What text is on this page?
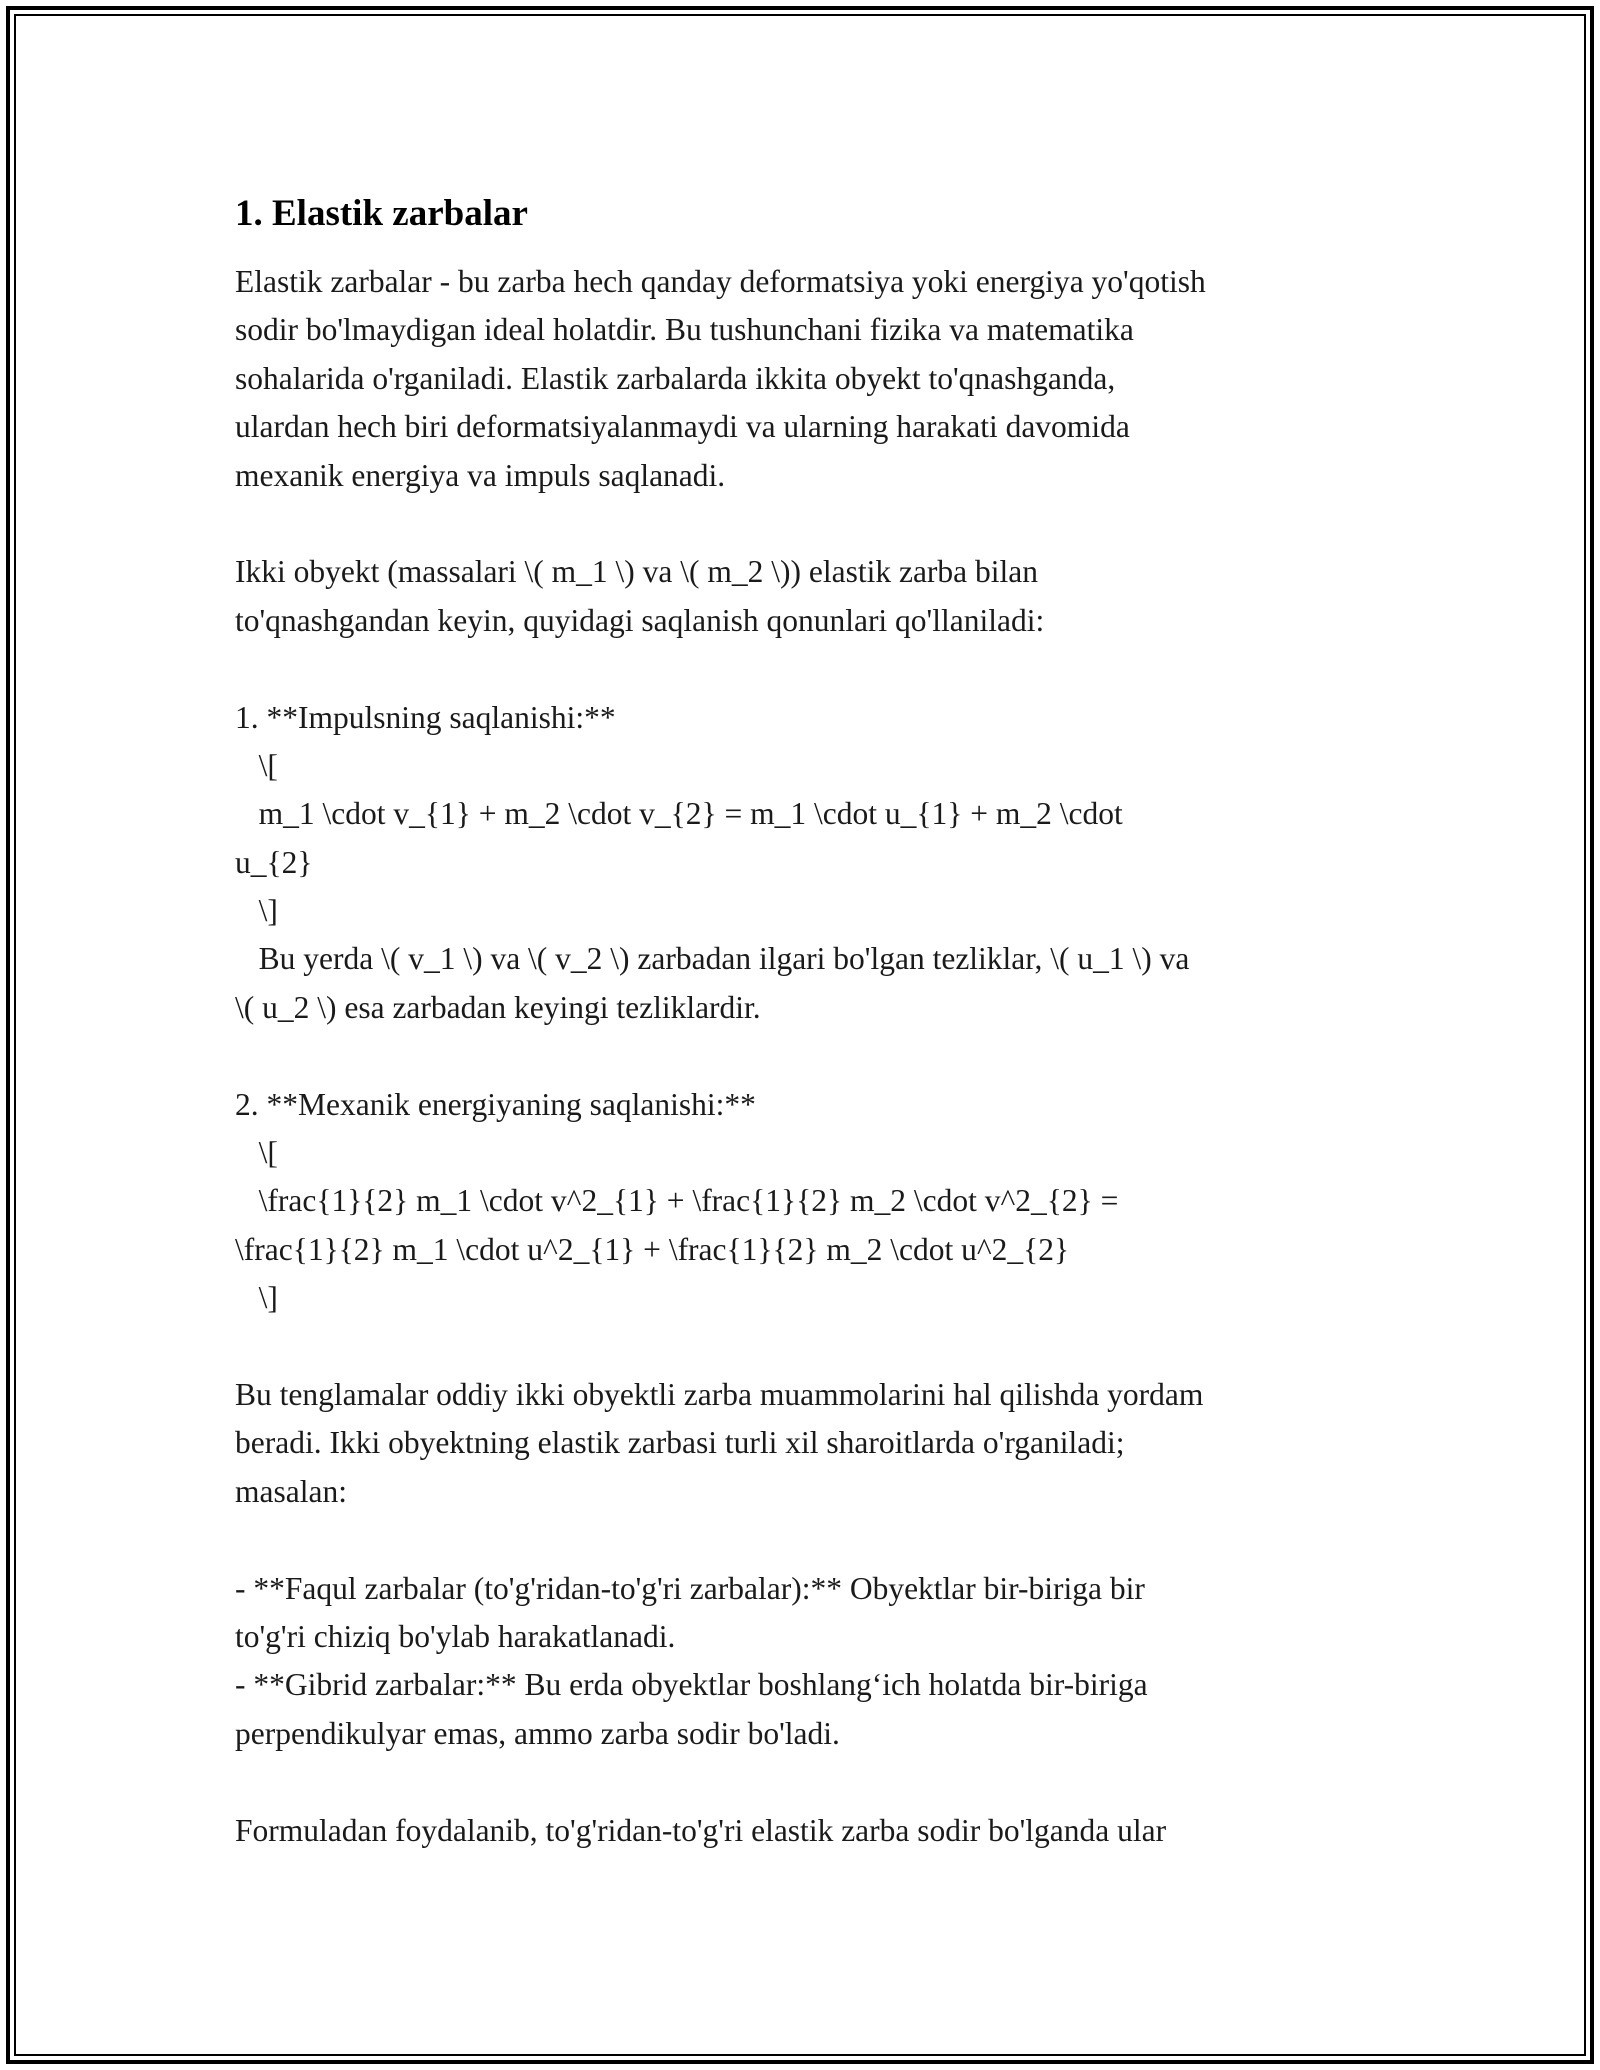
1. Elastik zarbalar
Elastik zarbalar - bu zarba hech qanday deformatsiya yoki energiya yo'qotish
sodir bo'lmaydigan ideal holatdir. Bu tushunchani fizika va matematika
sohalarida o'rganiladi. Elastik zarbalarda ikkita obyekt to'qnashganda,
ulardan hech biri deformatsiyalanmaydi va ularning harakati davomida
mexanik energiya va impuls saqlanadi.
Ikki obyekt (massalari \( m_1 \) va \( m_2 \)) elastik zarba bilan
to'qnashgandan keyin, quyidagi saqlanish qonunlari qo'llaniladi:
1. **Impulsning saqlanishi:**
\[
m_1 \cdot v_{1} + m_2 \cdot v_{2} = m_1 \cdot u_{1} + m_2 \cdot
u_{2}
\]
Bu yerda \( v_1 \) va \( v_2 \) zarbadan ilgari bo'lgan tezliklar, \( u_1 \) va
\( u_2 \) esa zarbadan keyingi tezliklardir.
2. **Mexanik energiyaning saqlanishi:**
\[
\frac{1}{2} m_1 \cdot v^2_{1} + \frac{1}{2} m_2 \cdot v^2_{2} =
\frac{1}{2} m_1 \cdot u^2_{1} + \frac{1}{2} m_2 \cdot u^2_{2}
\]
Bu tenglamalar oddiy ikki obyektli zarba muammolarini hal qilishda yordam
beradi. Ikki obyektning elastik zarbasi turli xil sharoitlarda o'rganiladi;
masalan:
- **Faqul zarbalar (to'g'ridan-to'g'ri zarbalar):** Obyektlar bir-biriga bir
to'g'ri chiziq bo'ylab harakatlanadi.
- **Gibrid zarbalar:** Bu erda obyektlar boshlang‘ich holatda bir-biriga
perpendikulyar emas, ammo zarba sodir bo'ladi.
Formuladan foydalanib, to'g'ridan-to'g'ri elastik zarba sodir bo'lganda ular
